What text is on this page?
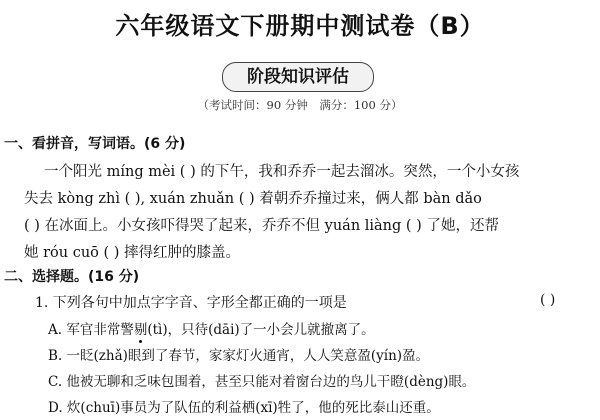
六年级语文下册期中测试卷（B）
阶段知识评估
（考试时间：90 分钟　满分：100 分）
一、看拼音，写词语。(6 分)
一个阳光 míng mèi ( ) 的下午，我和乔乔一起去溜冰。突然，一个小女孩
失去 kòng zhì ( ), xuán zhuǎn ( ) 着朝乔乔撞过来，俩人都 bàn dǎo
( ) 在冰面上。小女孩吓得哭了起来，乔乔不但 yuán liàng ( ) 了她，还帮
她 róu cuō ( ) 摔得红肿的膝盖。
二、选择题。(16 分)
1. 下列各句中加点字字音、字形全都正确的一项是	( )
A. 军官非常警剔(tì)，只待(dāi)了一小会儿就撤离了。
B. 一眨(zhǎ)眼到了春节，家家灯火通宵，人人笑意盈(yín)盈。
C. 他被无聊和乏味包围着，甚至只能对着窗台边的鸟儿干瞪(dèng)眼。
D. 炊(chuī)事员为了队伍的利益栖(xī)牲了，他的死比泰山还重。
